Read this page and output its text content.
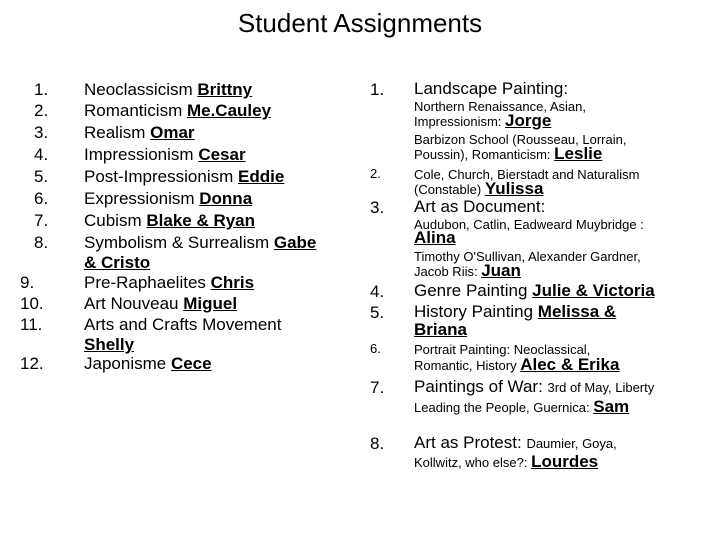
Student Assignments
1.	Neoclassicism Brittny
2.	Romanticism Me.Cauley
3.	Realism Omar
4.	Impressionism Cesar
5.	Post-Impressionism Eddie
6.	Expressionism Donna
7.	Cubism Blake & Ryan
8.	Symbolism & Surrealism Gabe
& Cristo
9.	Pre-Raphaelites Chris
10.	Art Nouveau Miguel
11.	Arts and Crafts Movement
Shelly
12.	Japonisme Cece
1. Landscape Painting:
Northern Renaissance, Asian,
Impressionism: Jorge
Barbizon School (Rousseau, Lorrain,
Poussin), Romanticism: Leslie
2.	Cole, Church, Bierstadt and Naturalism
(Constable) Yulissa
3. Art as Document:
Audubon, Catlin, Eadweard Muybridge :
Alina
Timothy O'Sullivan, Alexander Gardner,
Jacob Riis: Juan
4. Genre Painting Julie & Victoria
5. History Painting Melissa &
Briana
6.	Portrait Painting: Neoclassical,
Romantic, History Alec & Erika
7. Paintings of War: 3rd of May, Liberty
Leading the People, Guernica: Sam
8. Art as Protest: Daumier, Goya,
Kollwitz, who else?: Lourdes
